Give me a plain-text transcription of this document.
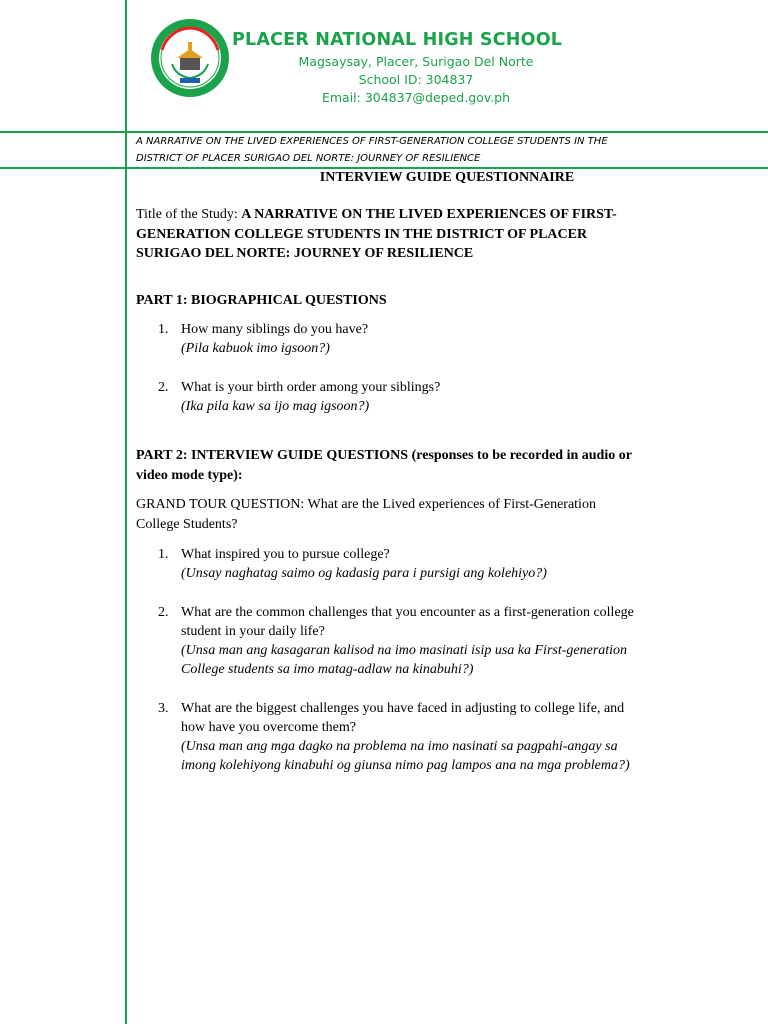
PLACER NATIONAL HIGH SCHOOL
Magsaysay, Placer, Surigao Del Norte
School ID: 304837
Email: 304837@deped.gov.ph
A NARRATIVE ON THE LIVED EXPERIENCES OF FIRST-GENERATION COLLEGE STUDENTS IN THE
DISTRICT OF PLACER SURIGAO DEL NORTE: JOURNEY OF RESILIENCE
INTERVIEW GUIDE QUESTIONNAIRE
Title of the Study: A NARRATIVE ON THE LIVED EXPERIENCES OF FIRST-
GENERATION COLLEGE STUDENTS IN THE DISTRICT OF PLACER
SURIGAO DEL NORTE: JOURNEY OF RESILIENCE
PART 1: BIOGRAPHICAL QUESTIONS
1. How many siblings do you have?
(Pila kabuok imo igsoon?)
2. What is your birth order among your siblings?
(Ika pila kaw sa ijo mag igsoon?)
PART 2: INTERVIEW GUIDE QUESTIONS (responses to be recorded in audio or
video mode type):
GRAND TOUR QUESTION: What are the Lived experiences of First-Generation
College Students?
1. What inspired you to pursue college?
(Unsay naghatag saimo og kadasig para i pursigi ang kolehiyo?)
2. What are the common challenges that you encounter as a first-generation college
student in your daily life?
(Unsa man ang kasagaran kalisod na imo masinati isip usa ka First-generation
College students sa imo matag-adlaw na kinabuhi?)
3. What are the biggest challenges you have faced in adjusting to college life, and
how have you overcome them?
(Unsa man ang mga dagko na problema na imo nasinati sa pagpahi-angay sa
imong kolehiyong kinabuhi og giunsa nimo pag lampos ana na mga problema?)
